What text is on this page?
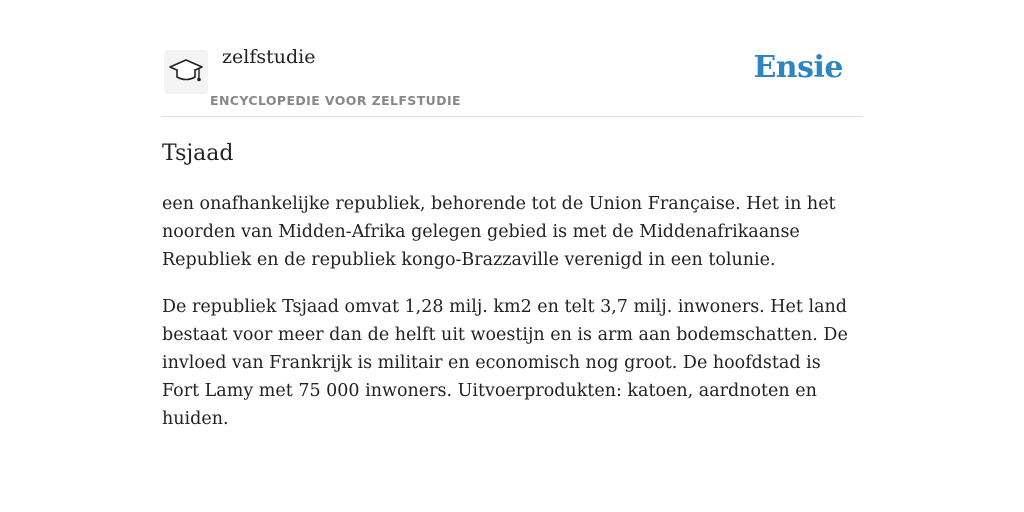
zelfstudie
ENCYCLOPEDIE VOOR ZELFSTUDIE
Ensie
Tsjaad

een onafhankelijke republiek, behorende tot de Union Française. Het in het noorden van Midden-Afrika gelegen gebied is met de Middenafrikaanse Republiek en de republiek kongo-Brazzaville verenigd in een tolunie.

De republiek Tsjaad omvat 1,28 milj. km2 en telt 3,7 milj. inwoners. Het land bestaat voor meer dan de helft uit woestijn en is arm aan bodemschatten. De invloed van Frankrijk is militair en economisch nog groot. De hoofdstad is Fort Lamy met 75 000 inwoners. Uitvoerprodukten: katoen, aardnoten en huiden.
